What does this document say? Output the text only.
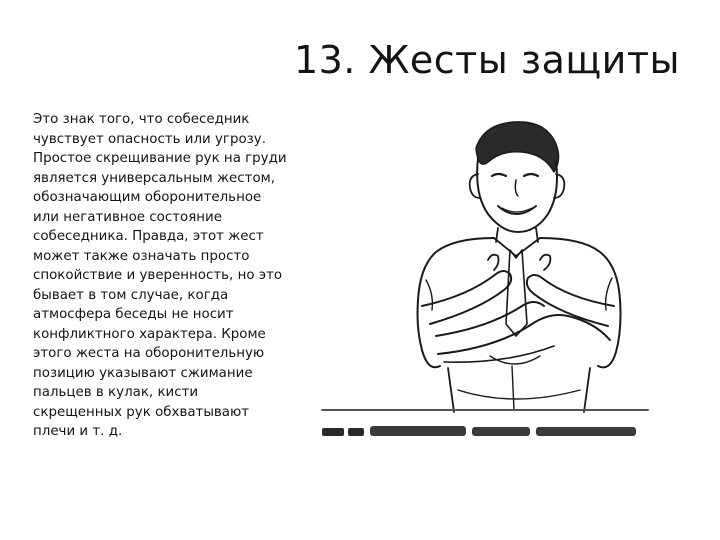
13. Жесты защиты
Это знак того, что собеседник чувствует опасность или угрозу. Простое скрещивание рук на груди является универсальным жестом, обозначающим оборонительное или негативное состояние собеседника. Правда, этот жест может также означать просто спокойствие и уверенность, но это бывает в том случае, когда атмосфера беседы не носит конфликтного характера. Кроме этого жеста на оборонительную позицию указывают сжимание пальцев в кулак, кисти скрещенных рук обхватывают плечи и т. д.
